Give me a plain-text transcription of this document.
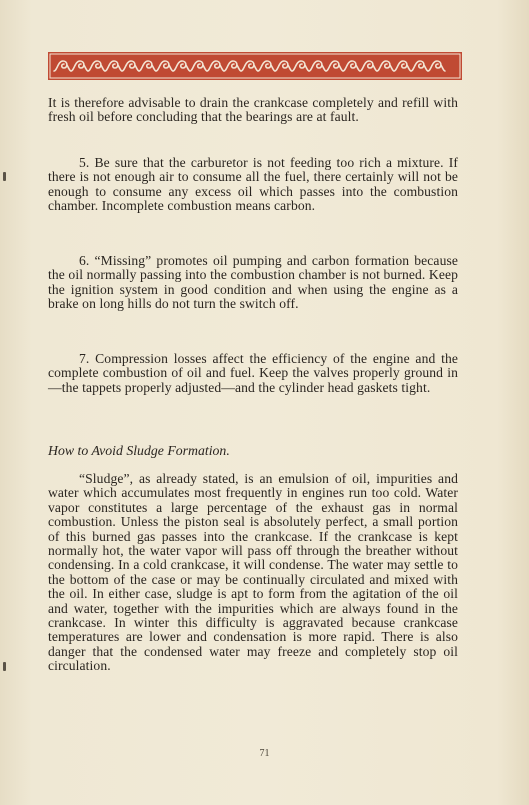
It is therefore advisable to drain the crankcase completely and refill with fresh oil before concluding that the bearings are at fault.

5. Be sure that the carburetor is not feeding too rich a mixture. If there is not enough air to consume all the fuel, there certainly will not be enough to consume any excess oil which passes into the combustion chamber. Incomplete combustion means carbon.

6. “Missing” promotes oil pumping and carbon formation because the oil normally passing into the combustion chamber is not burned. Keep the ignition system in good condition and when using the engine as a brake on long hills do not turn the switch off.

7. Compression losses affect the efficiency of the engine and the complete combustion of oil and fuel. Keep the valves properly ground in—the tappets properly adjusted—and the cylinder head gaskets tight.

How to Avoid Sludge Formation.

“Sludge”, as already stated, is an emulsion of oil, impurities and water which accumulates most frequently in engines run too cold. Water vapor constitutes a large percentage of the exhaust gas in normal combustion. Unless the piston seal is absolutely perfect, a small portion of this burned gas passes into the crankcase. If the crankcase is kept normally hot, the water vapor will pass off through the breather without condensing. In a cold crankcase, it will condense. The water may settle to the bottom of the case or may be continually circulated and mixed with the oil. In either case, sludge is apt to form from the agitation of the oil and water, together with the impurities which are always found in the crankcase. In winter this difficulty is aggravated because crankcase temperatures are lower and condensation is more rapid. There is also danger that the condensed water may freeze and completely stop oil circulation.

71
